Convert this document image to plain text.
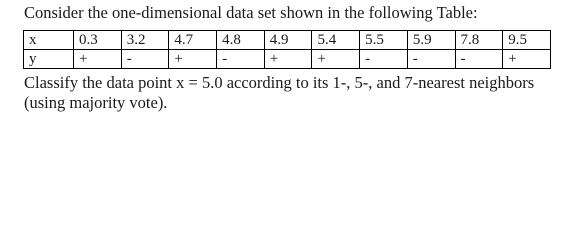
Consider the one-dimensional data set shown in the following Table:

x	0.3	3.2	4.7	4.8	4.9	5.4	5.5	5.9	7.8	9.5
y	+	-	+	-	+	+	-	-	-	+

Classify the data point x = 5.0 according to its 1-, 5-, and 7-nearest neighbors
(using majority vote).
